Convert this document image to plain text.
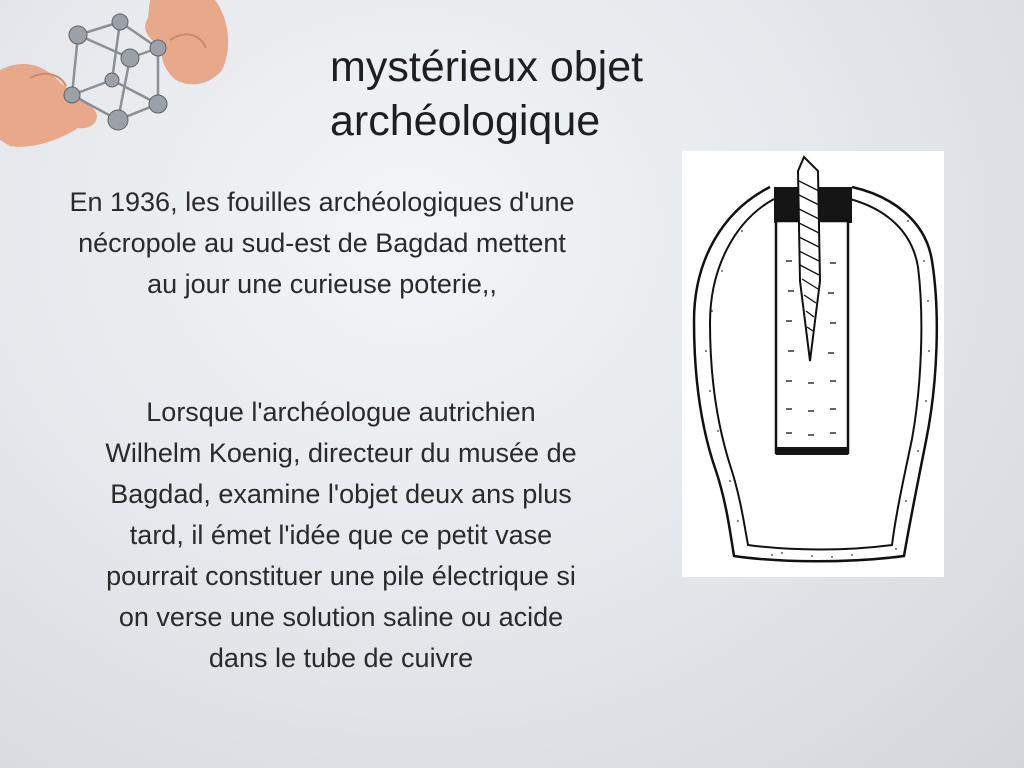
mystérieux objet
archéologique
En 1936, les fouilles archéologiques d'une nécropole au sud-est de Bagdad mettent au jour une curieuse poterie,,
Lorsque l'archéologue autrichien Wilhelm Koenig, directeur du musée de Bagdad, examine l'objet deux ans plus tard, il émet l'idée que ce petit vase pourrait constituer une pile électrique si on verse une solution saline ou acide dans le tube de cuivre
